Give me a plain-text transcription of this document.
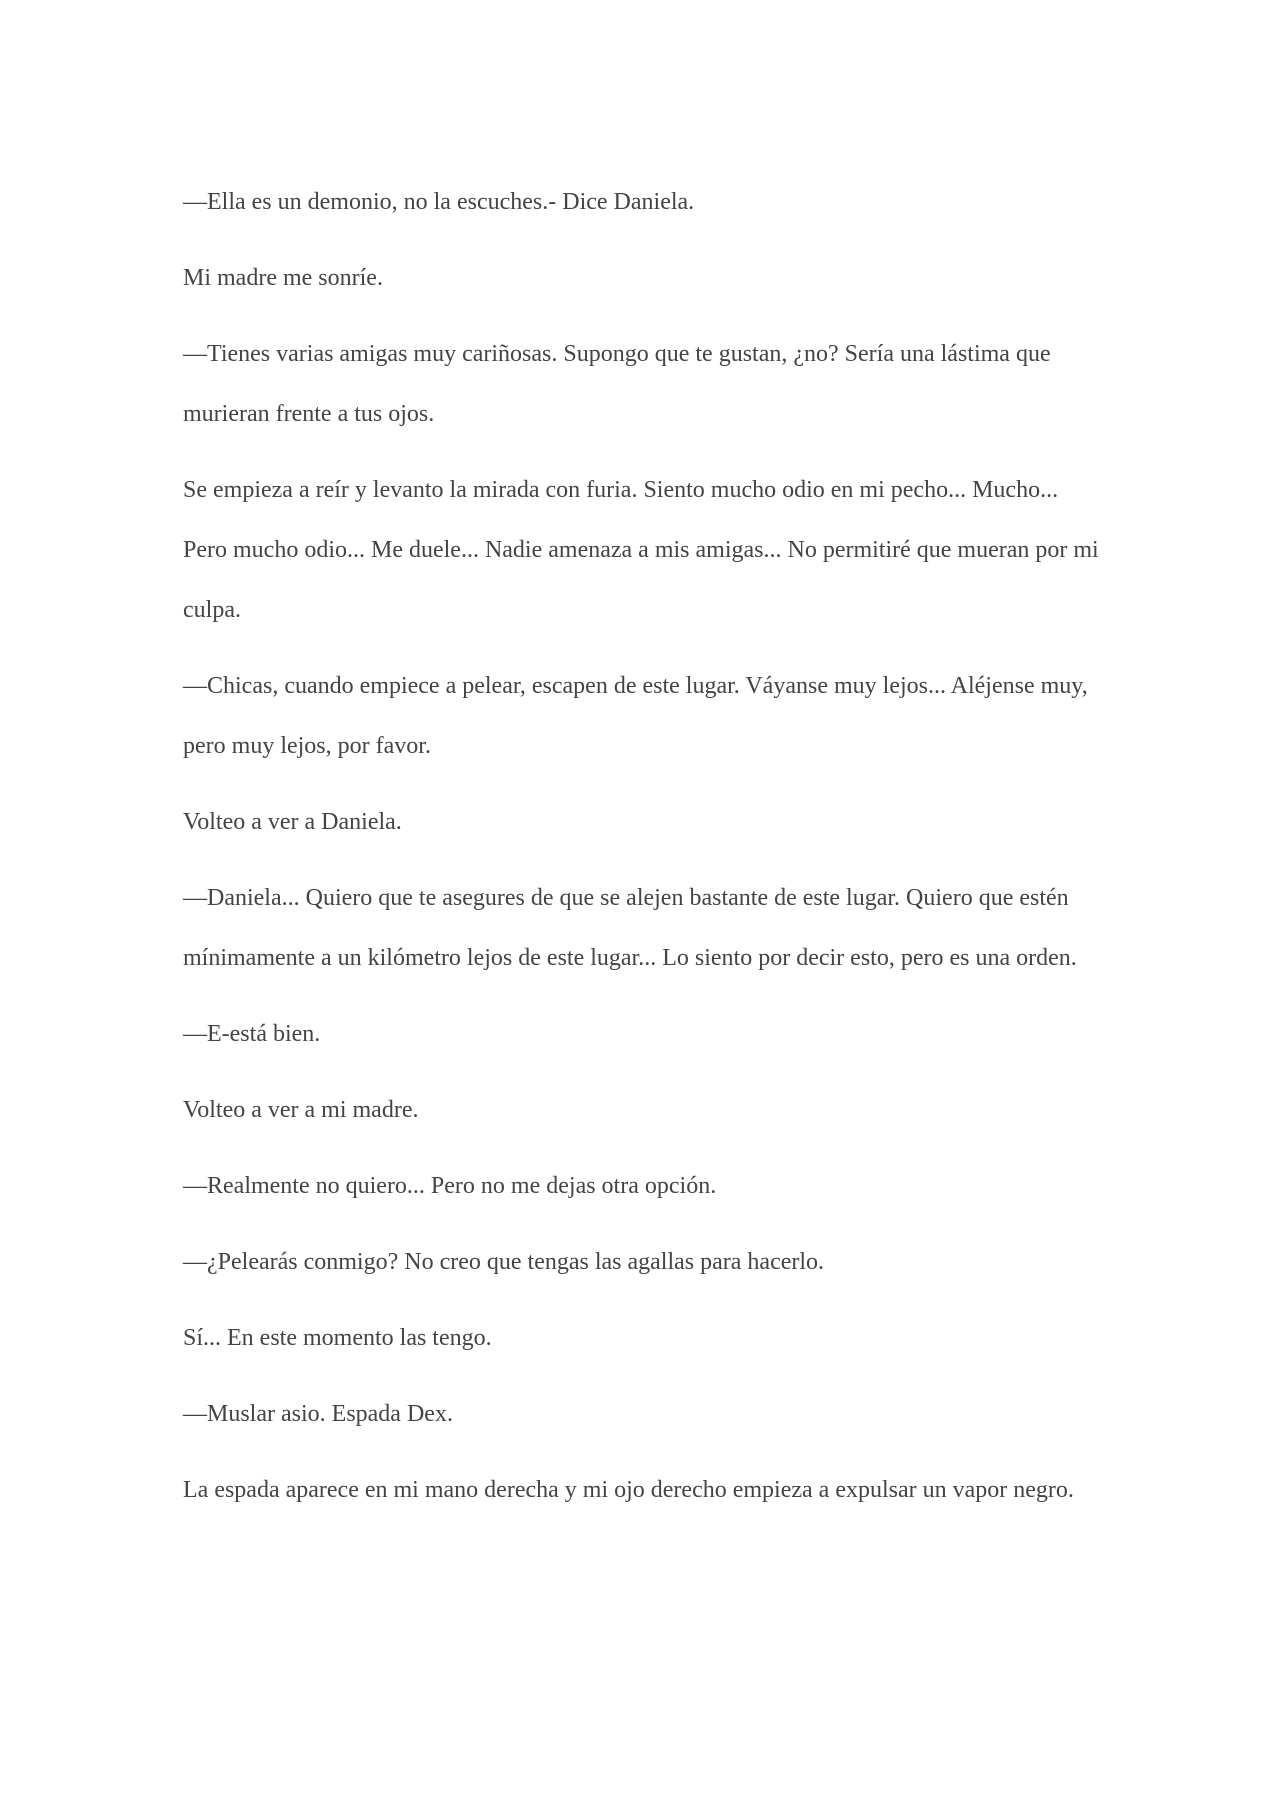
—Ella es un demonio, no la escuches.- Dice Daniela.

Mi madre me sonríe.

—Tienes varias amigas muy cariñosas. Supongo que te gustan, ¿no? Sería una lástima que murieran frente a tus ojos.

Se empieza a reír y levanto la mirada con furia. Siento mucho odio en mi pecho... Mucho... Pero mucho odio... Me duele... Nadie amenaza a mis amigas... No permitiré que mueran por mi culpa.

—Chicas, cuando empiece a pelear, escapen de este lugar. Váyanse muy lejos... Aléjense muy, pero muy lejos, por favor.

Volteo a ver a Daniela.

—Daniela... Quiero que te asegures de que se alejen bastante de este lugar. Quiero que estén mínimamente a un kilómetro lejos de este lugar... Lo siento por decir esto, pero es una orden.

—E-está bien.

Volteo a ver a mi madre.

—Realmente no quiero... Pero no me dejas otra opción.

—¿Pelearás conmigo? No creo que tengas las agallas para hacerlo.

Sí... En este momento las tengo.

—Muslar asio. Espada Dex.

La espada aparece en mi mano derecha y mi ojo derecho empieza a expulsar un vapor negro.
